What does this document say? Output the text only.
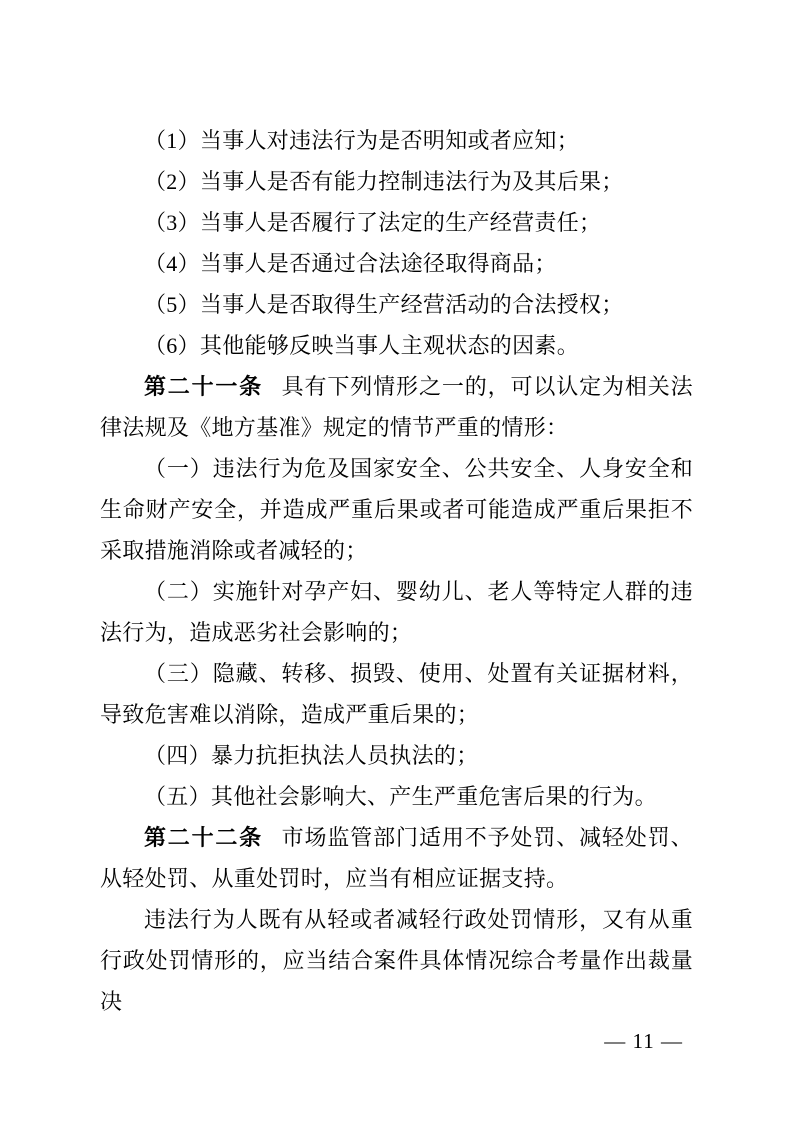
（1）当事人对违法行为是否明知或者应知；

（2）当事人是否有能力控制违法行为及其后果；

（3）当事人是否履行了法定的生产经营责任；

（4）当事人是否通过合法途径取得商品；

（5）当事人是否取得生产经营活动的合法授权；

（6）其他能够反映当事人主观状态的因素。

第二十一条 具有下列情形之一的，可以认定为相关法律法规及《地方基准》规定的情节严重的情形：

（一）违法行为危及国家安全、公共安全、人身安全和生命财产安全，并造成严重后果或者可能造成严重后果拒不采取措施消除或者减轻的；

（二）实施针对孕产妇、婴幼儿、老人等特定人群的违法行为，造成恶劣社会影响的；

（三）隐藏、转移、损毁、使用、处置有关证据材料，导致危害难以消除，造成严重后果的；

（四）暴力抗拒执法人员执法的；

（五）其他社会影响大、产生严重危害后果的行为。

第二十二条 市场监管部门适用不予处罚、减轻处罚、从轻处罚、从重处罚时，应当有相应证据支持。

违法行为人既有从轻或者减轻行政处罚情形，又有从重行政处罚情形的，应当结合案件具体情况综合考量作出裁量决

— 11 —
